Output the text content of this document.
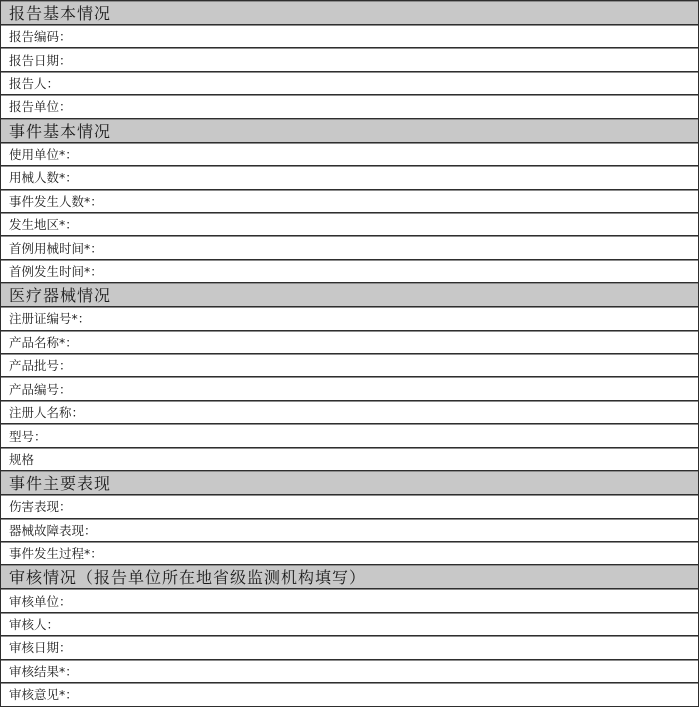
报告基本情况
报告编码：
报告日期：
报告人：
报告单位：
事件基本情况
使用单位*：
用械人数*：
事件发生人数*：
发生地区*：
首例用械时间*：
首例发生时间*：
医疗器械情况
注册证编号*：
产品名称*：
产品批号：
产品编号：
注册人名称：
型号：
规格
事件主要表现
伤害表现：
器械故障表现：
事件发生过程*：
审核情况（报告单位所在地省级监测机构填写）
审核单位：
审核人：
审核日期：
审核结果*：
审核意见*：
